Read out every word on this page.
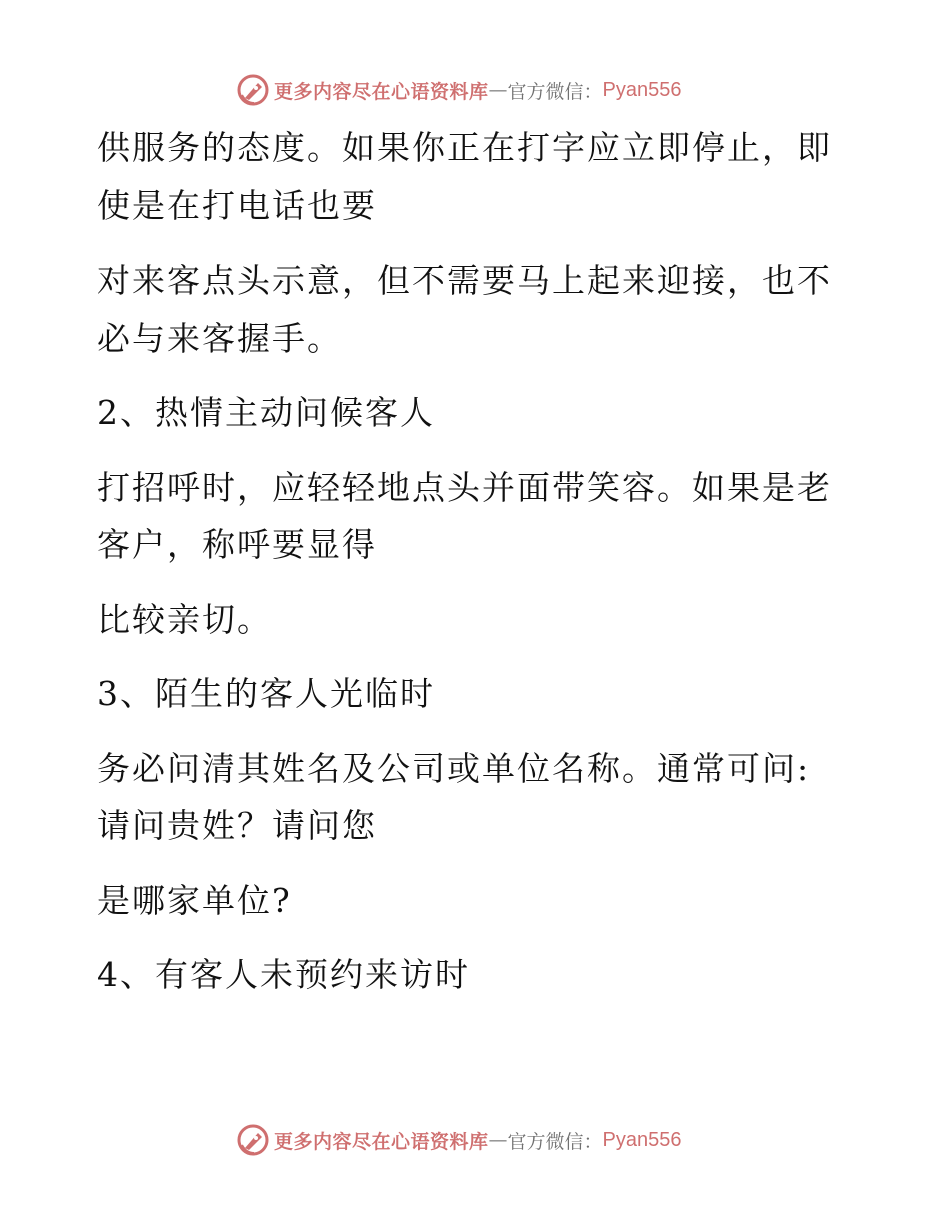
更多内容尽在心语资料库 — 官方微信： Pyan556
供服务的态度。如果你正在打字应立即停止，即
使是在打电话也要
对来客点头示意，但不需要马上起来迎接，也不
必与来客握手。
2、热情主动问候客人
打招呼时，应轻轻地点头并面带笑容。如果是老
客户，称呼要显得
比较亲切。
3、陌生的客人光临时
务必问清其姓名及公司或单位名称。通常可问:
请问贵姓？请问您
是哪家单位?
4、有客人未预约来访时
更多内容尽在心语资料库 — 官方微信： Pyan556
